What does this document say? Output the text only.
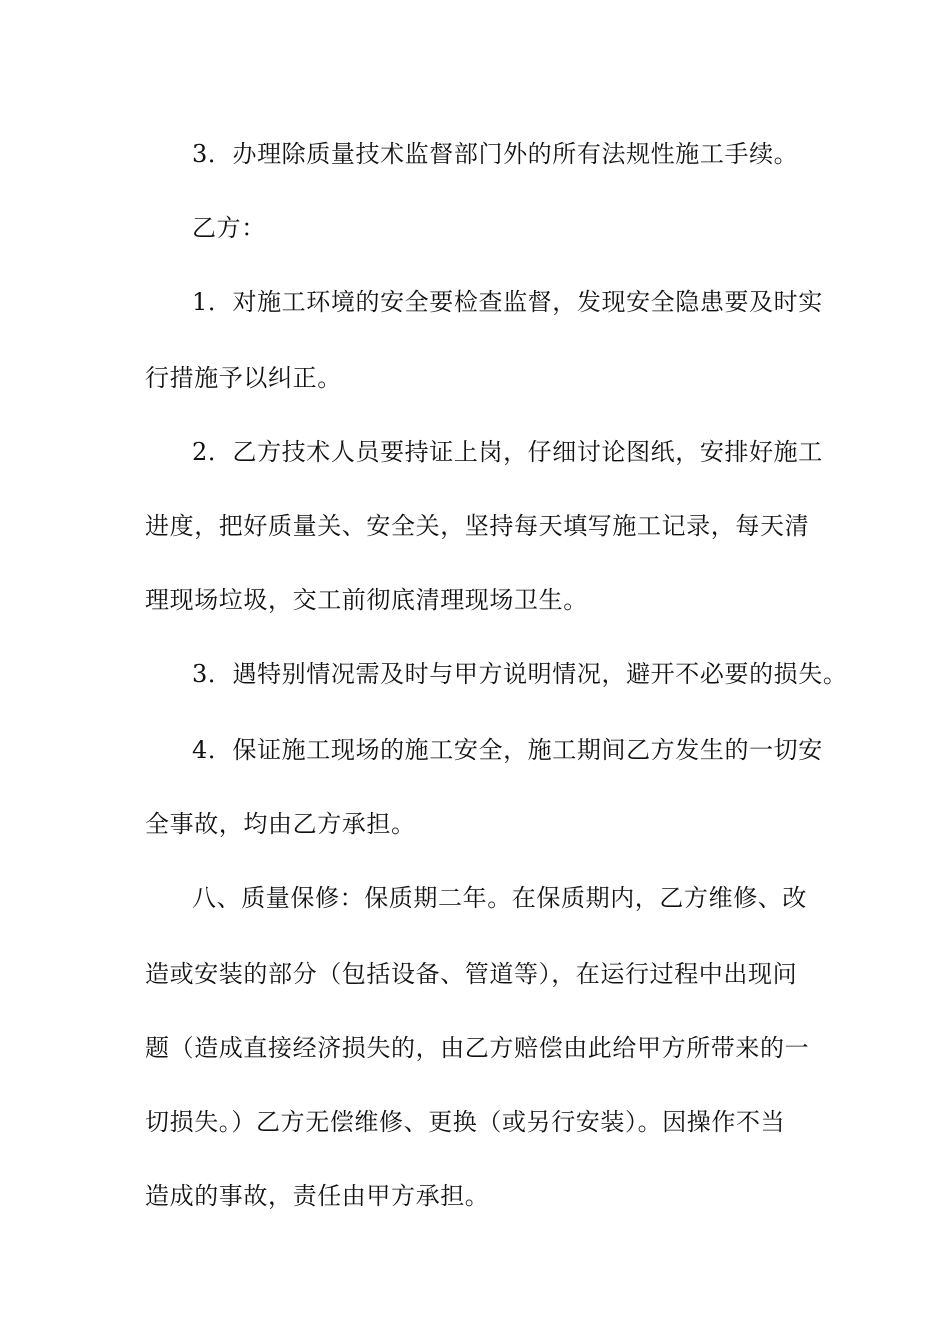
3．办理除质量技术监督部门外的所有法规性施工手续。
乙方：
1．对施工环境的安全要检查监督，发现安全隐患要及时实
行措施予以纠正。
2．乙方技术人员要持证上岗，仔细讨论图纸，安排好施工
进度，把好质量关、安全关，坚持每天填写施工记录，每天清
理现场垃圾，交工前彻底清理现场卫生。
3．遇特别情况需及时与甲方说明情况，避开不必要的损失。
4．保证施工现场的施工安全，施工期间乙方发生的一切安
全事故，均由乙方承担。
八、质量保修：保质期二年。在保质期内，乙方维修、改
造或安装的部分（包括设备、管道等），在运行过程中出现问
题（造成直接经济损失的，由乙方赔偿由此给甲方所带来的一
切损失。）乙方无偿维修、更换（或另行安装）。因操作不当
造成的事故，责任由甲方承担。
